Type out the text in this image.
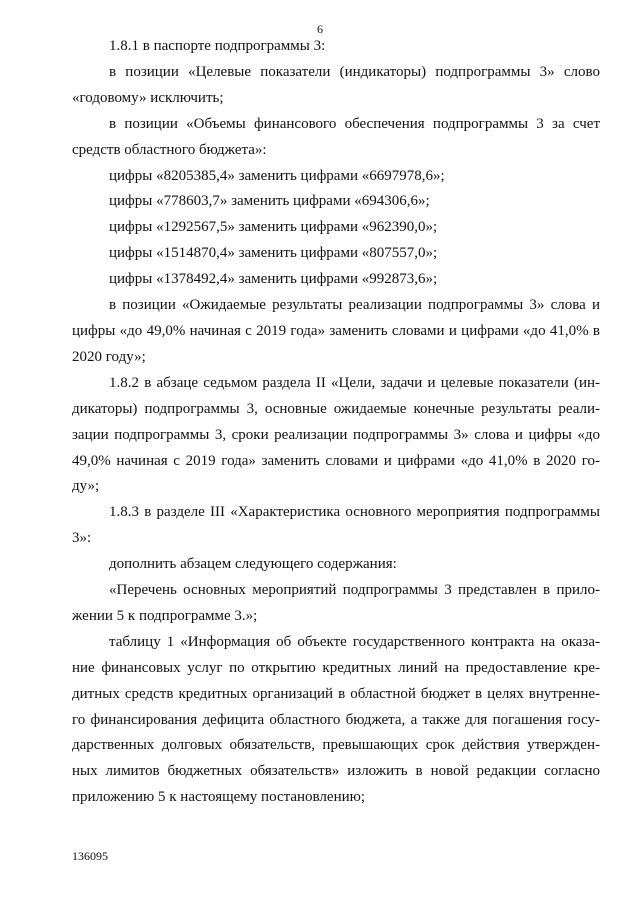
6
1.8.1 в паспорте подпрограммы 3:
в позиции «Целевые показатели (индикаторы) подпрограммы 3» слово
«годовому» исключить;
в позиции «Объемы финансового обеспечения подпрограммы 3 за счет
средств областного бюджета»:
цифры «8205385,4» заменить цифрами «6697978,6»;
цифры «778603,7» заменить цифрами «694306,6»;
цифры «1292567,5» заменить цифрами «962390,0»;
цифры «1514870,4» заменить цифрами «807557,0»;
цифры «1378492,4» заменить цифрами «992873,6»;
в позиции «Ожидаемые результаты реализации подпрограммы 3» слова и
цифры «до 49,0% начиная с 2019 года» заменить словами и цифрами «до 41,0% в
2020 году»;
1.8.2 в абзаце седьмом раздела II «Цели, задачи и целевые показатели (ин-
дикаторы) подпрограммы 3, основные ожидаемые конечные результаты реали-
зации подпрограммы 3, сроки реализации подпрограммы 3» слова и цифры «до
49,0% начиная с 2019 года» заменить словами и цифрами «до 41,0% в 2020 го-
ду»;
1.8.3 в разделе III «Характеристика основного мероприятия подпрограммы
3»:
дополнить абзацем следующего содержания:
«Перечень основных мероприятий подпрограммы 3 представлен в прило-
жении 5 к подпрограмме 3.»;
таблицу 1 «Информация об объекте государственного контракта на оказа-
ние финансовых услуг по открытию кредитных линий на предоставление кре-
дитных средств кредитных организаций в областной бюджет в целях внутренне-
го финансирования дефицита областного бюджета, а также для погашения госу-
дарственных долговых обязательств, превышающих срок действия утвержден-
ных лимитов бюджетных обязательств» изложить в новой редакции согласно
приложению 5 к настоящему постановлению;
136095
